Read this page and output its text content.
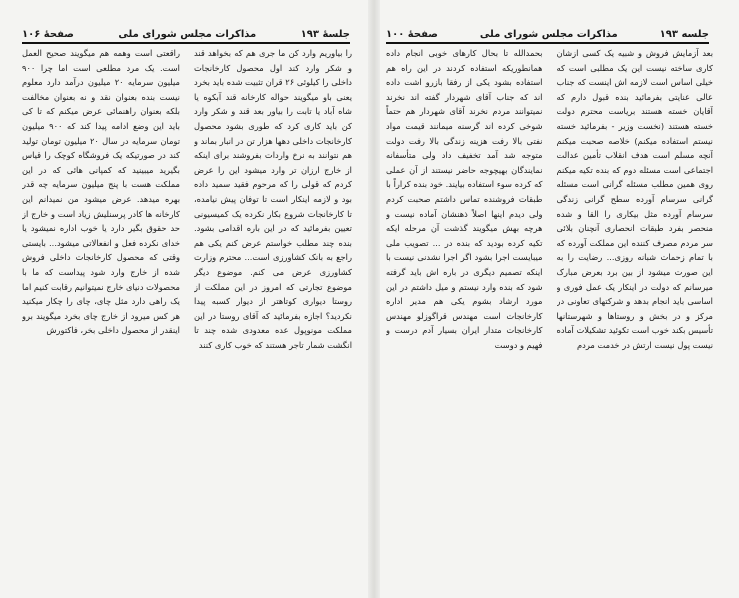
جلسهٔ ۱۹۳
مذاکرات مجلس شورای ملی
صفحهٔ ۱۰۶

را بیاوریم وارد کن ما جری هم که بخواهد قند و شکر وارد کند اول محصول کارخانجات داخلی را کیلوئی ۲۶ قران تثبیت شده باید بخرد یعنی باو میگویند حواله کارخانه قند آبکوه یا شاه آباد یا تابت را بیاور بعد قند و شکر وارد کن باید کاری کرد که طوری بشود محصول کارخانجات داخلی دهها هزار تن در انبار بماند و هم نتوانند به نرخ واردات بفروشند برای اینکه از خارج ارزان تر وارد میشود این را عرض کردم که قولی را که مرحوم فقید سمید داده بود و لازمه اینکار است تا توفان پیش نیامده، تا کارخانجات شروع بکار نکرده یک کمیسیونی تعیین بفرمائید که در این باره اقدامی بشود. بنده چند مطلب خواستم عرض کنم یکی هم راجع به بانک کشاورزی است... محترم وزارت کشاورزی عرض می کنم. موضوع دیگر موضوع تجارتی که امروز در این مملکت از روستا دیواری کوتاهتر از دیوار کسبه پیدا نکردید؟ اجازه بفرمائید که آقای روستا در این مملکت مونوپول عده معدودی شده چند تا انگشت شمار تاجر هستند که خوب کاری کنند

راقعتی است وهمه هم میگویند صحیح العمل است. یک مرد مطلعی است اما چرا ۹۰۰ میلیون سرمایه ۲۰ میلیون درآمد دارد معلوم نیست بنده بعنوان نقد و نه بعنوان مخالفت بلکه بعنوان راهنمائی عرض میکنم که تا کی باید این وضع ادامه پیدا کند که ۹۰۰ میلیون تومان سرمایه در سال ۲۰ میلیون تومان تولید کند در صورتیکه یک فروشگاه کوچک را قیاس بگیرید میبینید که کمپانی هائی که در این مملکت هست با پنج میلیون سرمایه چه قدر بهره میدهد. عرض میشود من نمیدانم این کارخانه ها کادر پرسنلیش زیاد است و خارج از حد حقوق بگیر دارد یا خوب اداره نمیشود یا خدای نکرده فعل و انفعالاتی میشود... بایستی وقتی که محصول کارخانجات داخلی فروش شده از خارج وارد شود پیداست که ما با محصولات دنیای خارج نمیتوانیم رقابت کنیم اما یک راهی دارد مثل چای، چای را چکار میکنید هر کس میرود از خارج چای بخرد میگویند برو اینقدر از محصول داخلی بخر، فاکتورش

جلسه ۱۹۳
مذاکرات مجلس شورای ملی
صفحهٔ ۱۰۰

بعد آزمایش فروش و شبیه یک کسی ازشان کاری ساخته نیست این یک مطلبی است که خیلی اساس است لازمه اش اینست که جناب عالی عنایتی بفرمائید بنده قبول دارم که آقایان خسته هستند بریاست محترم دولت خسته هستند (نخست وزیر - بفرمائید خسته نیستم استفاده میکنم) خلاصه صحبت میکنم آنچه مسلم است هدف انقلاب تأمین عدالت اجتماعی است مسئله دوم که بنده تکیه میکنم روی همین مطلب مسئله گرانی است مسئله گرانی سرسام آورده سطح گرانی زندگی سرسام آورده مثل بیکاری را القا و شده منحصر بفرد طبقات انحصاری آنچنان بلائی سر مردم مصرف کننده این مملکت آورده که با تمام زحمات شبانه روزی... رضایت را به این صورت میشود از بین برد بعرض مبارک میرسانم که دولت در اینکار یک عمل فوری و اساسی باید انجام بدهد و شرکتهای تعاونی در مرکز و در بخش و روستاها و شهرستانها تأسیس بکند خوب است تکوئید تشکیلات آماده نیست پول نیست ارتش در خدمت مردم

بحمدالله تا بحال کارهای خوبی انجام داده همانطوریکه استفاده کردند در این راه هم استفاده بشود یکی از رفقا بازرو اشت داده اند که جناب آقای شهردار گفته اند نخرند نمیتوانند مردم نخرند آقای شهردار هم حتماً شوخی کرده اند گرسنه میمانند قیمت مواد نفتی بالا رفت هزینه زندگی بالا رفت دولت متوجه شد آمد تخفیف داد ولی متأسفانه نمایندگان بهیچوجه حاضر نیستند از آن عملی که کرده سوء استفاده بیایند. خود بنده کراراً با طبقات فروشنده تماس داشتم صحبت کردم ولی دیدم اینها اصلاً ذهنشان آماده نیست و هرچه بهش میگویند گذشت آن مرحله ایکه تکیه کرده بودید که بنده در ... تصویب ملی میبایست اجرا بشود اگر اجرا نشدنی نیست با اینکه تصمیم دیگری در باره اش باید گرفته شود که بنده وارد نیستم و میل داشتم در این مورد ارشاد بشوم یکی هم مدیر اداره کارخانجات است مهندس قراگوزلو مهندس کارخانجات متدار ایران بسیار آدم درست و فهیم و دوست
